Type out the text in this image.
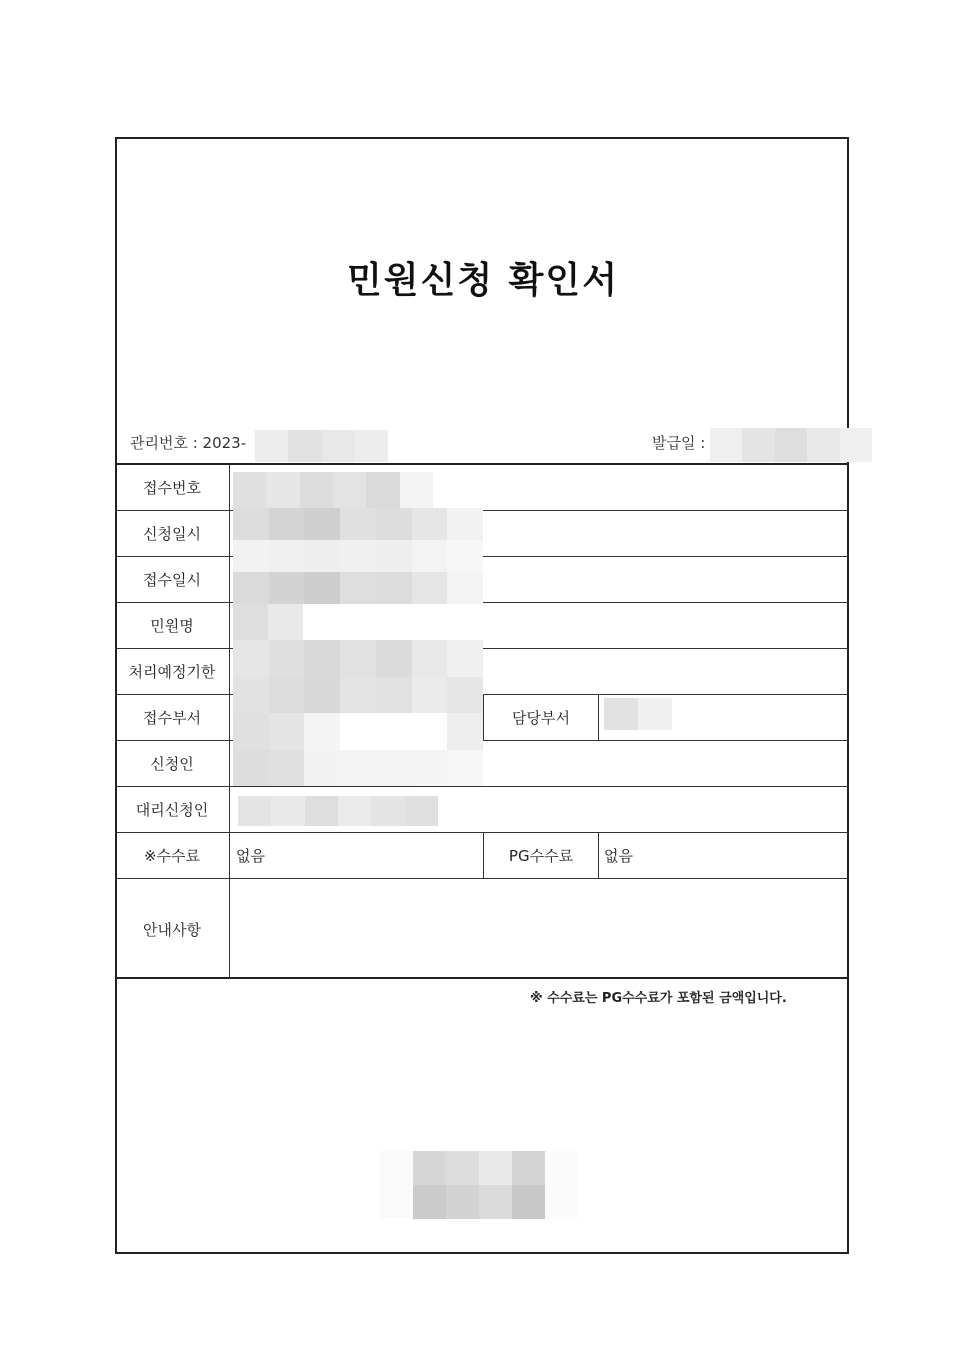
민원신청 확인서
관리번호 : 2023-	발급일 :
접수번호
신청일시
접수일시
민원명
처리예정기한
접수부서	담당부서
신청인
대리신청인
※수수료	없음	PG수수료	없음
안내사항
※ 수수료는 PG수수료가 포함된 금액입니다.
